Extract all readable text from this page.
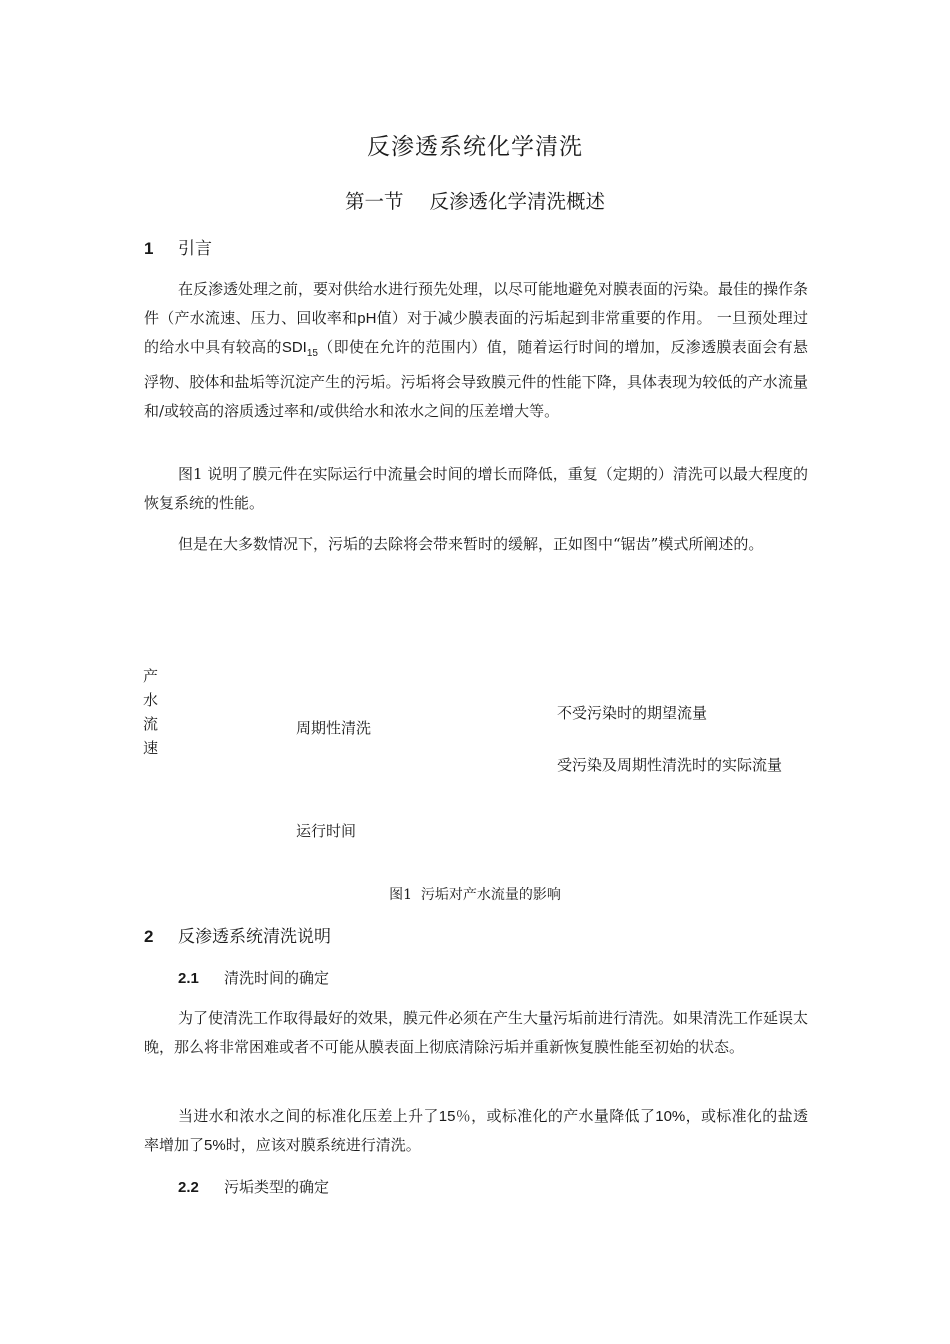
反渗透系统化学清洗
第一节 反渗透化学清洗概述
1 引言

在反渗透处理之前，要对供给水进行预先处理，以尽可能地避免对膜表面的污染。最佳的操作条件（产水流速、压力、回收率和pH值）对于减少膜表面的污垢起到非常重要的作用。 一旦预处理过的给水中具有较高的$SDI_{15}$（即使在允许的范围内）值，随着运行时间的增加，反渗透膜表面会有悬浮物、胶体和盐垢等沉淀产生的污垢。污垢将会导致膜元件的性能下降，具体表现为较低的产水流量和/或较高的溶质透过率和/或供给水和浓水之间的压差增大等。

图1 说明了膜元件在实际运行中流量会时间的增长而降低，重复（定期的）清洗可以最大程度的恢复系统的性能。

但是在大多数情况下，污垢的去除将会带来暂时的缓解，正如图中“锯齿”模式所阐述的。

产
水
流
速
周期性清洗
不受污染时的期望流量
受污染及周期性清洗时的实际流量
运行时间
图1 污垢对产水流量的影响
2 反渗透系统清洗说明
2.1 清洗时间的确定

为了使清洗工作取得最好的效果，膜元件必须在产生大量污垢前进行清洗。如果清洗工作延误太晚，那么将非常困难或者不可能从膜表面上彻底清除污垢并重新恢复膜性能至初始的状态。

当进水和浓水之间的标准化压差上升了15％，或标准化的产水量降低了10%，或标准化的盐透率增加了5%时，应该对膜系统进行清洗。

2.2 污垢类型的确定
